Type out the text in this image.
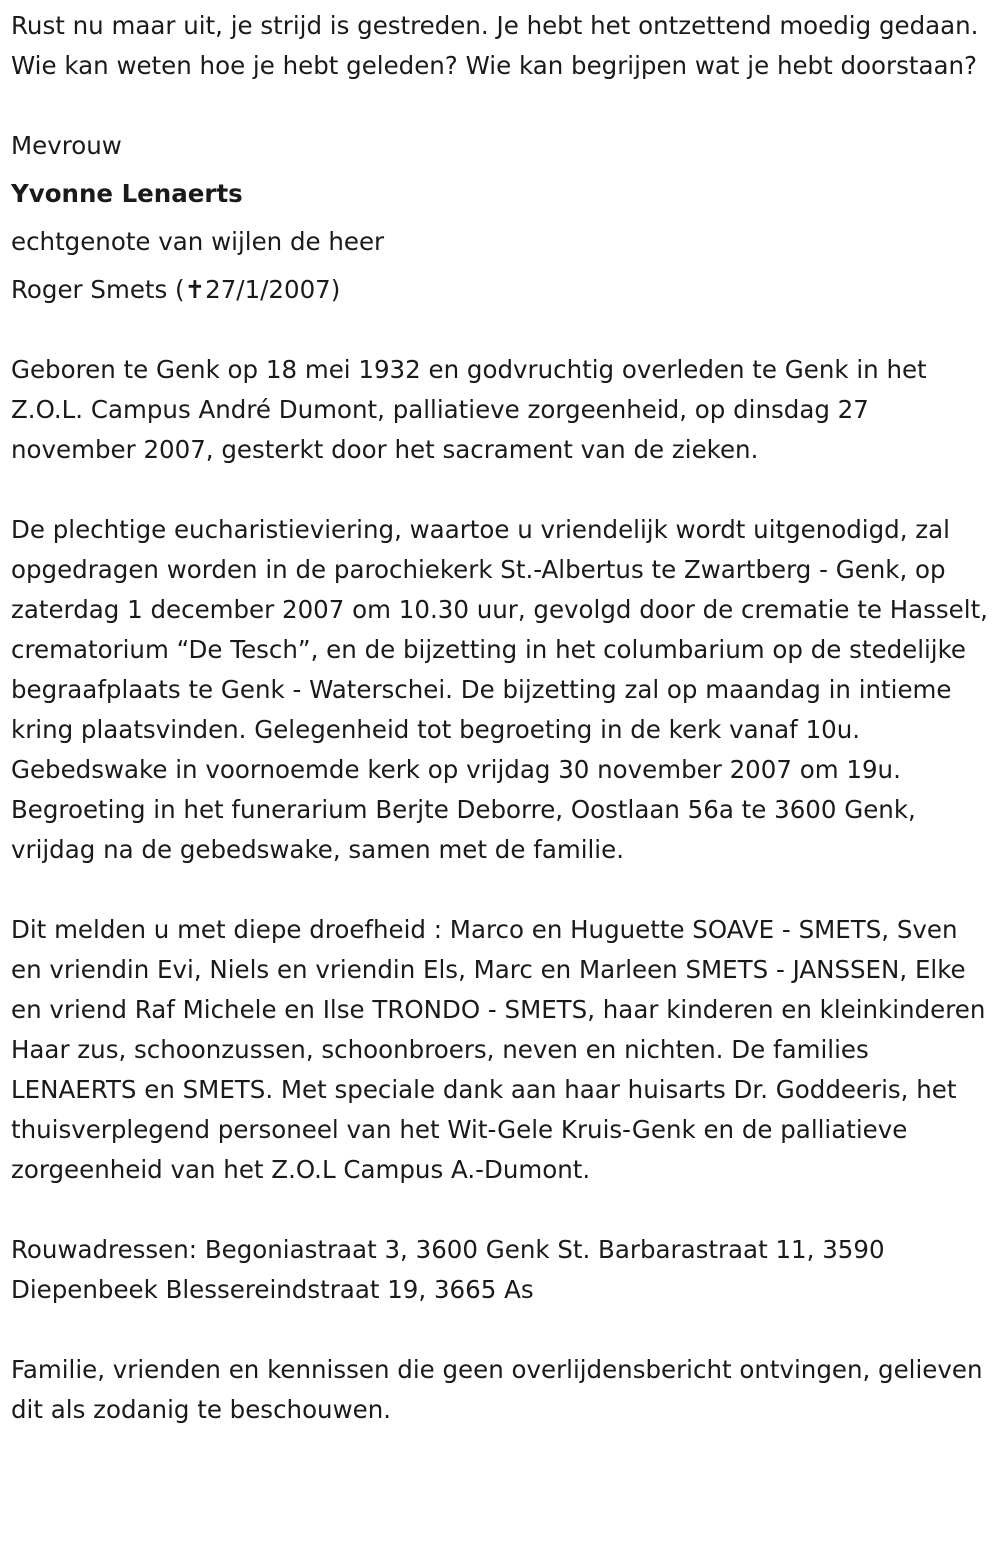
Rust nu maar uit, je strijd is gestreden. Je hebt het ontzettend moedig gedaan. Wie kan weten hoe je hebt geleden? Wie kan begrijpen wat je hebt doorstaan?

Mevrouw

Yvonne Lenaerts

echtgenote van wijlen de heer

Roger Smets (✝27/1/2007)

Geboren te Genk op 18 mei 1932 en godvruchtig overleden te Genk in het Z.O.L. Campus André Dumont, palliatieve zorgeenheid, op dinsdag 27 november 2007, gesterkt door het sacrament van de zieken.

De plechtige eucharistieviering, waartoe u vriendelijk wordt uitgenodigd, zal opgedragen worden in de parochiekerk St.-Albertus te Zwartberg - Genk, op zaterdag 1 december 2007 om 10.30 uur, gevolgd door de crematie te Hasselt, crematorium “De Tesch”, en de bijzetting in het columbarium op de stedelijke begraafplaats te Genk - Waterschei. De bijzetting zal op maandag in intieme kring plaatsvinden. Gelegenheid tot begroeting in de kerk vanaf 10u. Gebedswake in voornoemde kerk op vrijdag 30 november 2007 om 19u. Begroeting in het funerarium Berjte Deborre, Oostlaan 56a te 3600 Genk, vrijdag na de gebedswake, samen met de familie.

Dit melden u met diepe droefheid : Marco en Huguette SOAVE - SMETS, Sven en vriendin Evi, Niels en vriendin Els, Marc en Marleen SMETS - JANSSEN, Elke en vriend Raf Michele en Ilse TRONDO - SMETS, haar kinderen en kleinkinderen Haar zus, schoonzussen, schoonbroers, neven en nichten. De families LENAERTS en SMETS. Met speciale dank aan haar huisarts Dr. Goddeeris, het thuisverplegend personeel van het Wit-Gele Kruis-Genk en de palliatieve zorgeenheid van het Z.O.L Campus A.-Dumont.

Rouwadressen: Begoniastraat 3, 3600 Genk St. Barbarastraat 11, 3590 Diepenbeek Blessereindstraat 19, 3665 As

Familie, vrienden en kennissen die geen overlijdensbericht ontvingen, gelieven dit als zodanig te beschouwen.
